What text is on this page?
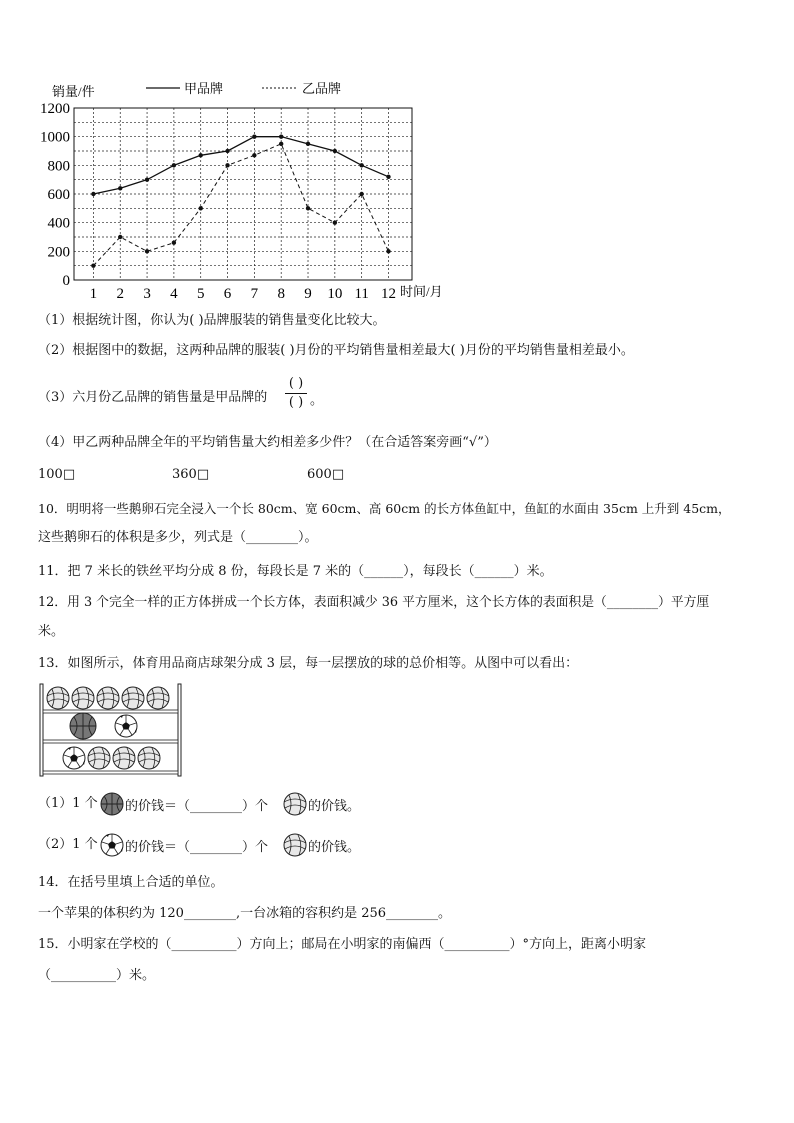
销量/件	甲品牌	乙品牌
0
200
400
600
800
1000
1200
1 2 3 4 5 6 7 8 9 10 11 12 时间/月
（1）根据统计图，你认为( )品牌服装的销售量变化比较大。
（2）根据图中的数据，这两种品牌的服装( )月份的平均销售量相差最大( )月份的平均销售量相差最小。
（3）六月份乙品牌的销售量是甲品牌的
( )
( ) 。
（4）甲乙两种品牌全年的平均销售量大约相差多少件？（在合适答案旁画“√”）
100□	360□	600□
10．明明将一些鹅卵石完全浸入一个长 80cm、宽 60cm、高 60cm 的长方体鱼缸中，鱼缸的水面由 35cm 上升到 45cm，
这些鹅卵石的体积是多少，列式是（________）。
11．把 7 米长的铁丝平均分成 8 份，每段长是 7 米的（______），每段长（______）米。
12．用 3 个完全一样的正方体拼成一个长方体，表面积减少 36 平方厘米，这个长方体的表面积是（________）平方厘
米。
13．如图所示，体育用品商店球架分成 3 层，每一层摆放的球的总价相等。从图中可以看出：
（1）1 个 的价钱＝（________）个	的价钱。
（2）1 个 的价钱＝（________）个	的价钱。
14．在括号里填上合适的单位。
一个苹果的体积约为 120________,一台冰箱的容积约是 256________。
15．小明家在学校的（__________）方向上；邮局在小明家的南偏西（__________）°方向上，距离小明家
（__________）米。
